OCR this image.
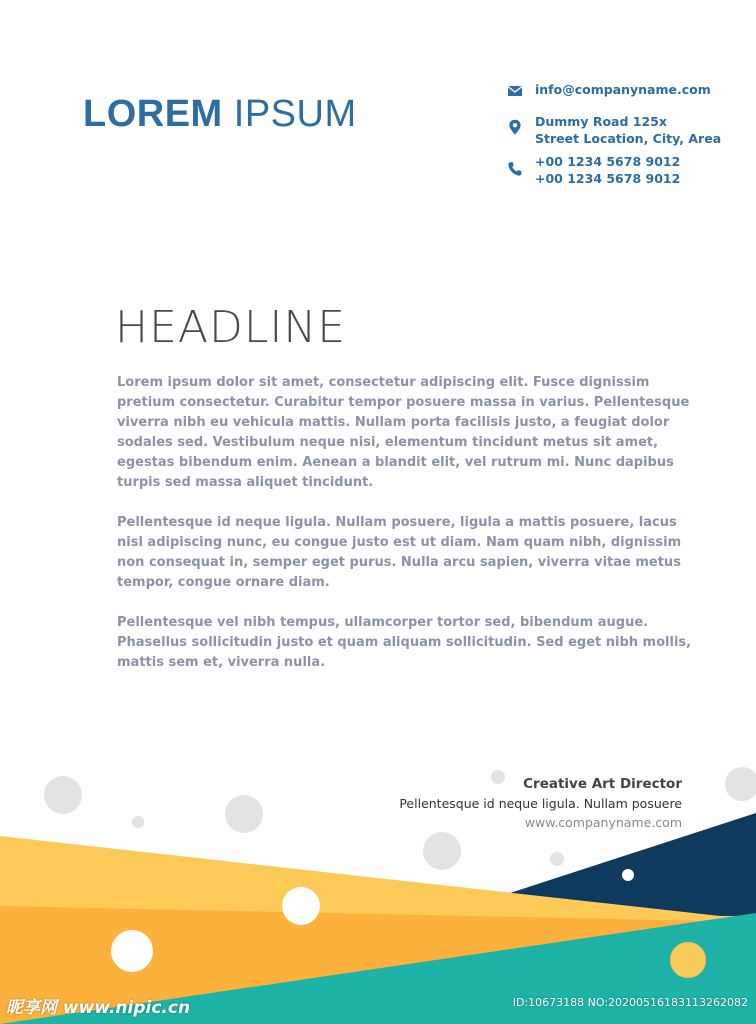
LOREM IPSUM
info@companyname.com
Dummy Road 125x
Street Location, City, Area
+00 1234 5678 9012
+00 1234 5678 9012
HEADLINE

Lorem ipsum dolor sit amet, consectetur adipiscing elit. Fusce dignissim pretium consectetur. Curabitur tempor posuere massa in varius. Pellentesque viverra nibh eu vehicula mattis. Nullam porta facilisis justo, a feugiat dolor sodales sed. Vestibulum neque nisi, elementum tincidunt metus sit amet, egestas bibendum enim. Aenean a blandit elit, vel rutrum mi. Nunc dapibus turpis sed massa aliquet tincidunt.

Pellentesque id neque ligula. Nullam posuere, ligula a mattis posuere, lacus nisl adipiscing nunc, eu congue justo est ut diam. Nam quam nibh, dignissim non consequat in, semper eget purus. Nulla arcu sapien, viverra vitae metus tempor, congue ornare diam.

Pellentesque vel nibh tempus, ullamcorper tortor sed, bibendum augue. Phasellus sollicitudin justo et quam aliquam sollicitudin. Sed eget nibh mollis, mattis sem et, viverra nulla.

Creative Art Director
Pellentesque id neque ligula. Nullam posuere
www.companyname.com
昵享网 www.nipic.cn	ID:10673188 NO:20200516183113262082
